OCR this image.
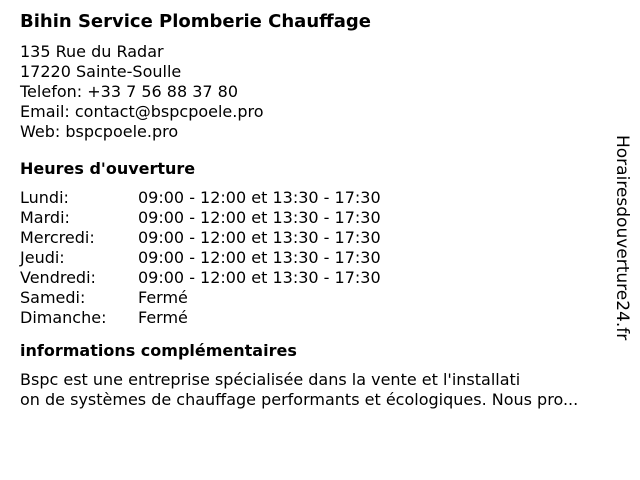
Bihin Service Plomberie Chauffage
135 Rue du Radar
17220 Sainte-Soulle
Telefon: +33 7 56 88 37 80
Email: contact@bspcpoele.pro
Web: bspcpoele.pro
Heures d'ouverture
Lundi:	09:00 - 12:00 et 13:30 - 17:30
Mardi:	09:00 - 12:00 et 13:30 - 17:30
Mercredi:	09:00 - 12:00 et 13:30 - 17:30
Jeudi:	09:00 - 12:00 et 13:30 - 17:30
Vendredi:	09:00 - 12:00 et 13:30 - 17:30
Samedi:	Fermé
Dimanche:	Fermé
informations complémentaires
Bspc est une entreprise spécialisée dans la vente et l'installati
on de systèmes de chauffage performants et écologiques. Nous pro...
Horairesdouverture24.fr
